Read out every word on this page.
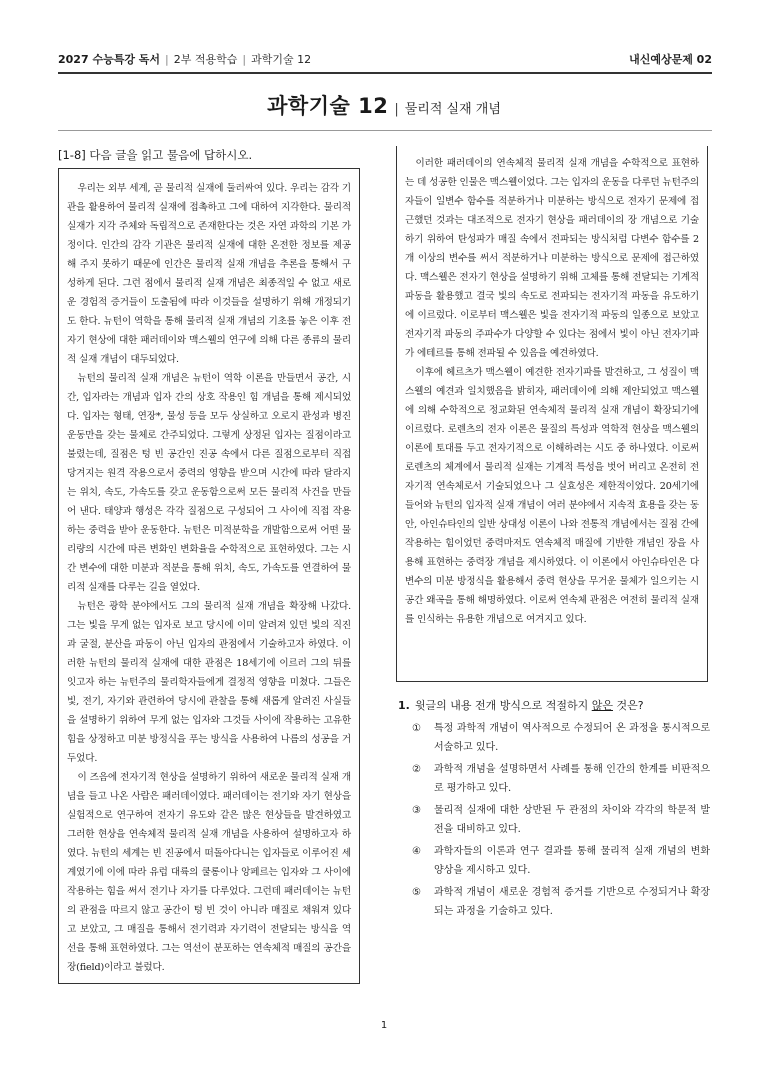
2027 수능특강 독서 | 2부 적용학습 | 과학기술 12	내신예상문제 02
과학기술 12 | 물리적 실재 개념
[1-8] 다음 글을 읽고 물음에 답하시오.

우리는 외부 세계, 곧 물리적 실재에 둘러싸여 있다. 우리는 감각 기관을 활용하여 물리적 실재에 접촉하고 그에 대하여 지각한다. 물리적 실재가 지각 주체와 독립적으로 존재한다는 것은 자연 과학의 기본 가정이다. 인간의 감각 기관은 물리적 실재에 대한 온전한 정보를 제공해 주지 못하기 때문에 인간은 물리적 실재 개념을 추론을 통해서 구성하게 된다. 그런 점에서 물리적 실재 개념은 최종적일 수 없고 새로운 경험적 증거들이 도출됨에 따라 이것들을 설명하기 위해 개정되기도 한다. 뉴턴이 역학을 통해 물리적 실재 개념의 기초를 놓은 이후 전자기 현상에 대한 패러데이와 맥스웰의 연구에 의해 다른 종류의 물리적 실재 개념이 대두되었다.

뉴턴의 물리적 실재 개념은 뉴턴이 역학 이론을 만들면서 공간, 시간, 입자라는 개념과 입자 간의 상호 작용인 힘 개념을 통해 제시되었다. 입자는 형태, 연장*, 물성 등을 모두 상실하고 오로지 관성과 병진 운동만을 갖는 물체로 간주되었다. 그렇게 상정된 입자는 질점이라고 불렸는데, 질점은 텅 빈 공간인 진공 속에서 다른 질점으로부터 직접 당겨지는 원격 작용으로서 중력의 영향을 받으며 시간에 따라 달라지는 위치, 속도, 가속도를 갖고 운동함으로써 모든 물리적 사건을 만들어 낸다. 태양과 행성은 각각 질점으로 구성되어 그 사이에 직접 작용하는 중력을 받아 운동한다. 뉴턴은 미적분학을 개발함으로써 어떤 물리량의 시간에 따른 변화인 변화율을 수학적으로 표현하였다. 그는 시간 변수에 대한 미분과 적분을 통해 위치, 속도, 가속도를 연결하여 물리적 실재를 다루는 길을 열었다.

뉴턴은 광학 분야에서도 그의 물리적 실재 개념을 확장해 나갔다. 그는 빛을 무게 없는 입자로 보고 당시에 이미 알려져 있던 빛의 직진과 굴절, 분산을 파동이 아닌 입자의 관점에서 기술하고자 하였다. 이러한 뉴턴의 물리적 실재에 대한 관점은 18세기에 이르러 그의 뒤를 잇고자 하는 뉴턴주의 물리학자들에게 결정적 영향을 미쳤다. 그들은 빛, 전기, 자기와 관련하여 당시에 관찰을 통해 새롭게 알려진 사실들을 설명하기 위하여 무게 없는 입자와 그것들 사이에 작용하는 고유한 힘을 상정하고 미분 방정식을 푸는 방식을 사용하여 나름의 성공을 거두었다.

이 즈음에 전자기적 현상을 설명하기 위하여 새로운 물리적 실재 개념을 들고 나온 사람은 패러데이였다. 패러데이는 전기와 자기 현상을 실험적으로 연구하여 전자기 유도와 같은 많은 현상들을 발견하였고 그러한 현상을 연속체적 물리적 실재 개념을 사용하여 설명하고자 하였다. 뉴턴의 세계는 빈 진공에서 떠돌아다니는 입자들로 이루어진 세계였기에 이에 따라 유럽 대륙의 쿨롱이나 앙페르는 입자와 그 사이에 작용하는 힘을 써서 전기나 자기를 다루었다. 그런데 패러데이는 뉴턴의 관점을 따르지 않고 공간이 텅 빈 것이 아니라 매질로 채워져 있다고 보았고, 그 매질을 통해서 전기력과 자기력이 전달되는 방식을 역선을 통해 표현하였다. 그는 역선이 분포하는 연속체적 매질의 공간을 장(field)이라고 불렀다.

이러한 패러데이의 연속체적 물리적 실재 개념을 수학적으로 표현하는 데 성공한 인물은 맥스웰이었다. 그는 입자의 운동을 다루던 뉴턴주의자들이 일변수 함수를 적분하거나 미분하는 방식으로 전자기 문제에 접근했던 것과는 대조적으로 전자기 현상을 패러데이의 장 개념으로 기술하기 위하여 탄성파가 매질 속에서 전파되는 방식처럼 다변수 함수를 2개 이상의 변수를 써서 적분하거나 미분하는 방식으로 문제에 접근하였다. 맥스웰은 전자기 현상을 설명하기 위해 고체를 통해 전달되는 기계적 파동을 활용했고 결국 빛의 속도로 전파되는 전자기적 파동을 유도하기에 이르렀다. 이로부터 맥스웰은 빛을 전자기적 파동의 일종으로 보았고 전자기적 파동의 주파수가 다양할 수 있다는 점에서 빛이 아닌 전자기파가 에테르를 통해 전파될 수 있음을 예견하였다.

이후에 헤르츠가 맥스웰이 예견한 전자기파를 발견하고, 그 성질이 맥스웰의 예견과 일치했음을 밝히자, 패러데이에 의해 제안되었고 맥스웰에 의해 수학적으로 정교화된 연속체적 물리적 실재 개념이 확장되기에 이르렀다. 로렌츠의 전자 이론은 물질의 특성과 역학적 현상을 맥스웰의 이론에 토대를 두고 전자기적으로 이해하려는 시도 중 하나였다. 이로써 로렌츠의 체계에서 물리적 실재는 기계적 특성을 벗어 버리고 온전히 전자기적 연속체로서 기술되었으나 그 실효성은 제한적이었다. 20세기에 들어와 뉴턴의 입자적 실재 개념이 여러 분야에서 지속적 효용을 갖는 동안, 아인슈타인의 일반 상대성 이론이 나와 전통적 개념에서는 질점 간에 작용하는 힘이었던 중력마저도 연속체적 매질에 기반한 개념인 장을 사용해 표현하는 중력장 개념을 제시하였다. 이 이론에서 아인슈타인은 다변수의 미분 방정식을 활용해서 중력 현상을 무거운 물체가 일으키는 시공간 왜곡을 통해 해명하였다. 이로써 연속체 관점은 여전히 물리적 실재를 인식하는 유용한 개념으로 여겨지고 있다.

1. 윗글의 내용 전개 방식으로 적절하지 않은 것은?

①	특정 과학적 개념이 역사적으로 수정되어 온 과정을 통시적으로 서술하고 있다.
②	과학적 개념을 설명하면서 사례를 통해 인간의 한계를 비판적으로 평가하고 있다.
③	물리적 실재에 대한 상반된 두 관점의 차이와 각각의 학문적 발전을 대비하고 있다.
④	과학자들의 이론과 연구 결과를 통해 물리적 실재 개념의 변화 양상을 제시하고 있다.
⑤	과학적 개념이 새로운 경험적 증거를 기반으로 수정되거나 확장되는 과정을 기술하고 있다.
1
